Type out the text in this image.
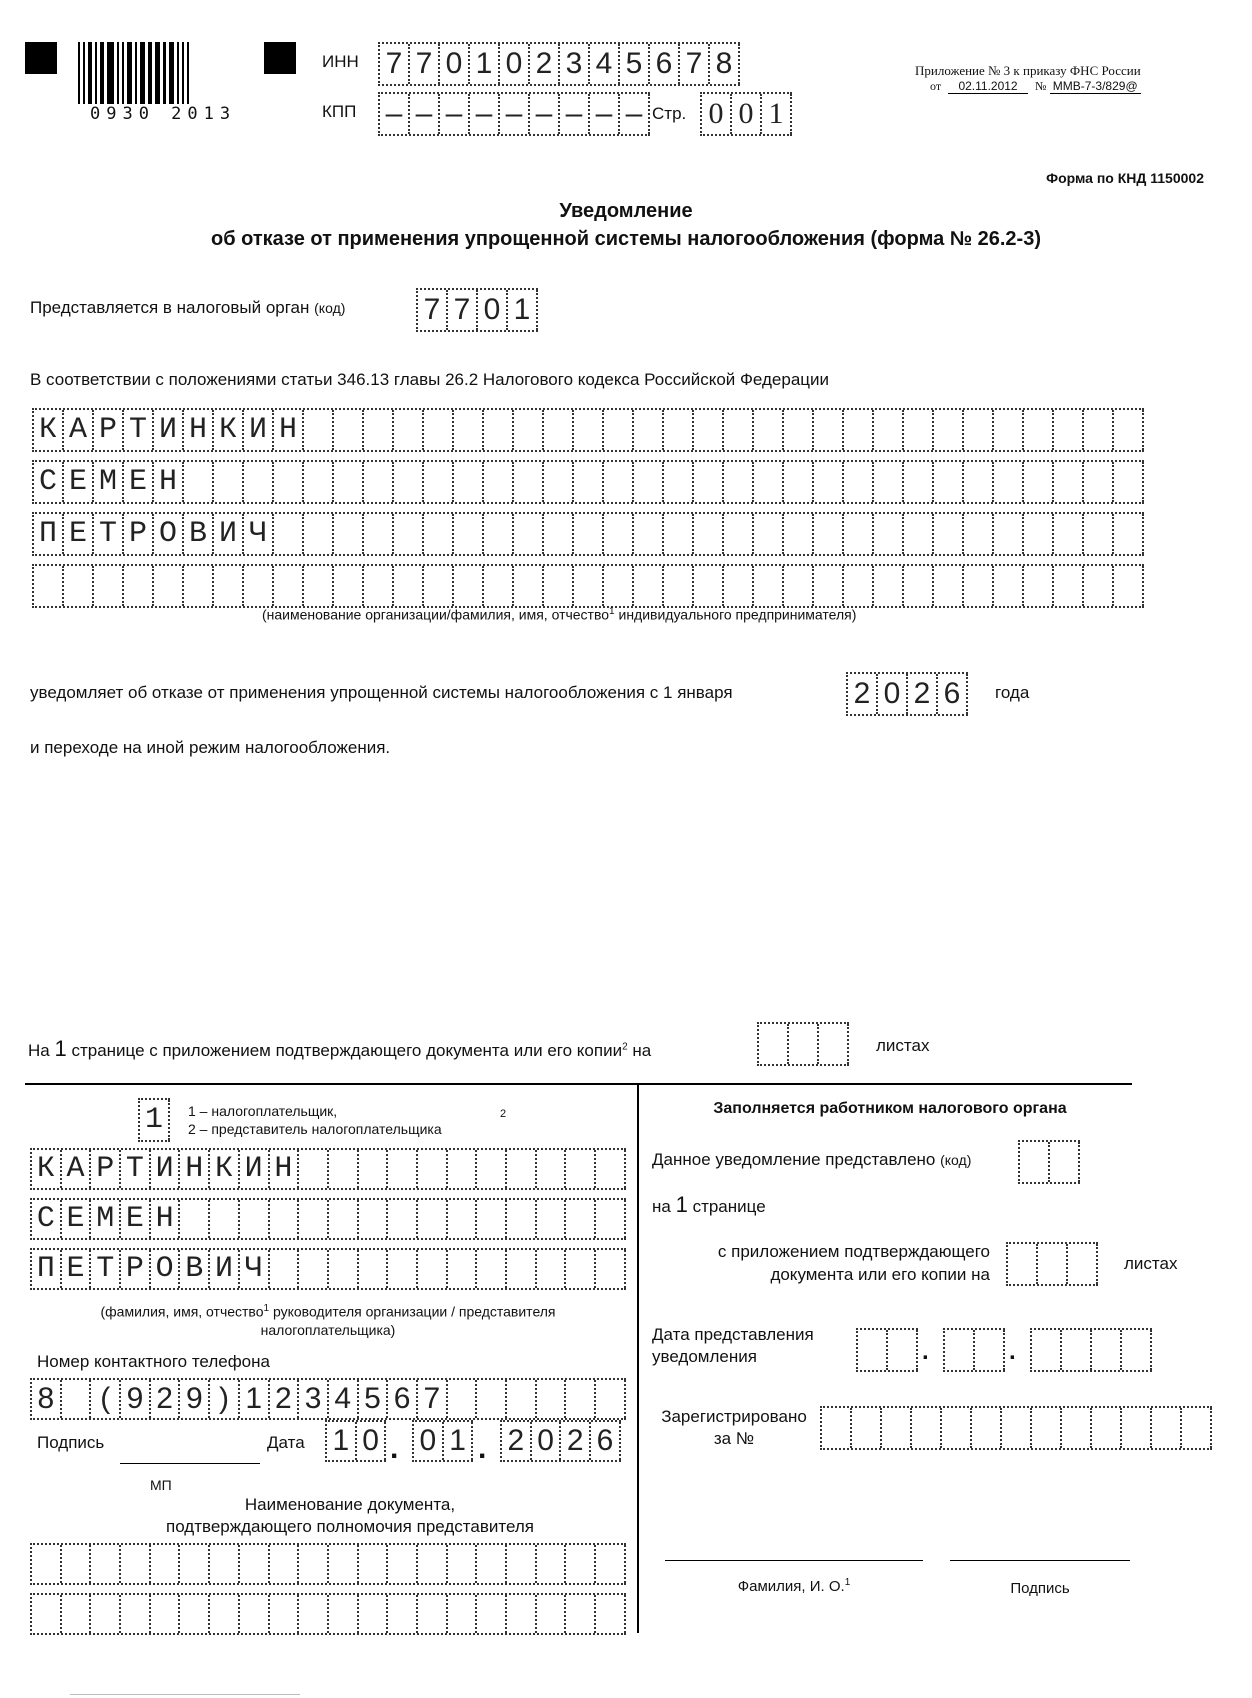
0930 2013
ИНН 7 7 0 1 0 2 3 4 5 6 7 8
КПП – – – – – – – – – Стр. 0 0 1
Приложение № 3 к приказу ФНС России
от 02.11.2012 № ММВ-7-3/829@
Форма по КНД 1150002
Уведомление
об отказе от применения упрощенной системы налогообложения (форма № 26.2-3)
Представляется в налоговый орган (код)	7 7 0 1
В соответствии с положениями статьи 346.13 главы 26.2 Налогового кодекса Российской Федерации
К А Р Т И Н К И Н
С Е М Е Н
П Е Т Р О В И Ч
(наименование организации/фамилия, имя, отчество$^1$ индивидуального предпринимателя)
уведомляет об отказе от применения упрощенной системы налогообложения с 1 января	2 0 2 6	года
и переходе на иной режим налогообложения.
На 1 странице с приложением подтверждающего документа или его копии$^2$ на	листах
1	1 – налогоплательщик,
2 – представитель налогоплательщика
2
К А Р Т И Н К И Н
С Е М Е Н
П Е Т Р О В И Ч
(фамилия, имя, отчество$^1$ руководителя организации / представителя
налогоплательщика)
Номер контактного телефона
8 ( 9 2 9 ) 1 2 3 4 5 6 7
Подпись	Дата 1 0 . 0 1 . 2 0 2 6
МП
Наименование документа,
подтверждающего полномочия представителя
Заполняется работником налогового органа
Данное уведомление представлено (код)
на 1 странице
с приложением подтверждающего
документа или его копии на
листах
Дата представления
уведомления	.	.
Зарегистрировано
за №
Фамилия, И. О.$^1$	Подпись
